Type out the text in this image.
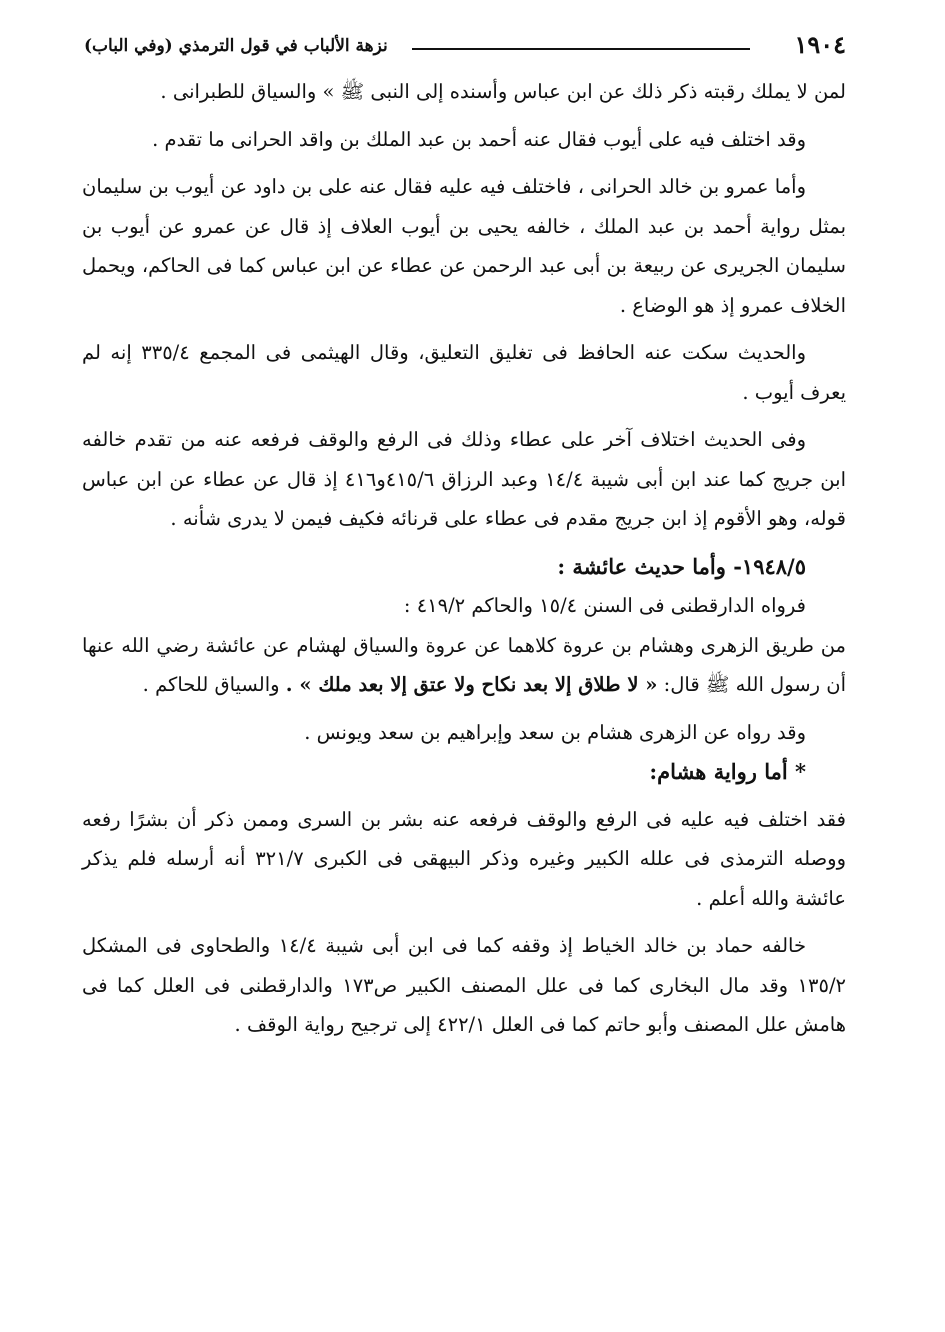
١٩٠٤
نزهة الألباب في قول الترمذي (وفي الباب)

لمن لا يملك رقبته ذكر ذلك عن ابن عباس وأسنده إلى النبى ﷺ » والسياق للطبرانى .

وقد اختلف فيه على أيوب فقال عنه أحمد بن عبد الملك بن واقد الحرانى ما تقدم .

وأما عمرو بن خالد الحرانى ، فاختلف فيه عليه فقال عنه على بن داود عن أيوب بن سليمان بمثل رواية أحمد بن عبد الملك ، خالفه يحيى بن أيوب العلاف إذ قال عن عمرو عن أيوب بن سليمان الجريرى عن ربيعة بن أبى عبد الرحمن عن عطاء عن ابن عباس كما فى الحاكم، ويحمل الخلاف عمرو إذ هو الوضاع .

والحديث سكت عنه الحافظ فى تغليق التعليق، وقال الهيثمى فى المجمع ٣٣٥/٤ إنه لم يعرف أيوب .

وفى الحديث اختلاف آخر على عطاء وذلك فى الرفع والوقف فرفعه عنه من تقدم خالفه ابن جريج كما عند ابن أبى شيبة ١٤/٤ وعبد الرزاق ٤١٥/٦و٤١٦ إذ قال عن عطاء عن ابن عباس قوله، وهو الأقوم إذ ابن جريج مقدم فى عطاء على قرنائه فكيف فيمن لا يدرى شأنه .

١٩٤٨/٥- وأما حديث عائشة :

فرواه الدارقطنى فى السنن ١٥/٤ والحاكم ٤١٩/٢ :

من طريق الزهرى وهشام بن عروة كلاهما عن عروة والسياق لهشام عن عائشة رضي الله عنها أن رسول الله ﷺ قال: « لا طلاق إلا بعد نكاح ولا عتق إلا بعد ملك » . والسياق للحاكم .

وقد رواه عن الزهرى هشام بن سعد وإبراهيم بن سعد ويونس .

* أما رواية هشام:

فقد اختلف فيه عليه فى الرفع والوقف فرفعه عنه بشر بن السرى وممن ذكر أن بشرًا رفعه ووصله الترمذى فى علله الكبير وغيره وذكر البيهقى فى الكبرى ٣٢١/٧ أنه أرسله فلم يذكر عائشة والله أعلم .

خالفه حماد بن خالد الخياط إذ وقفه كما فى ابن أبى شيبة ١٤/٤ والطحاوى فى المشكل ١٣٥/٢ وقد مال البخارى كما فى علل المصنف الكبير ص١٧٣ والدارقطنى فى العلل كما فى هامش علل المصنف وأبو حاتم كما فى العلل ٤٢٢/١ إلى ترجيح رواية الوقف .
